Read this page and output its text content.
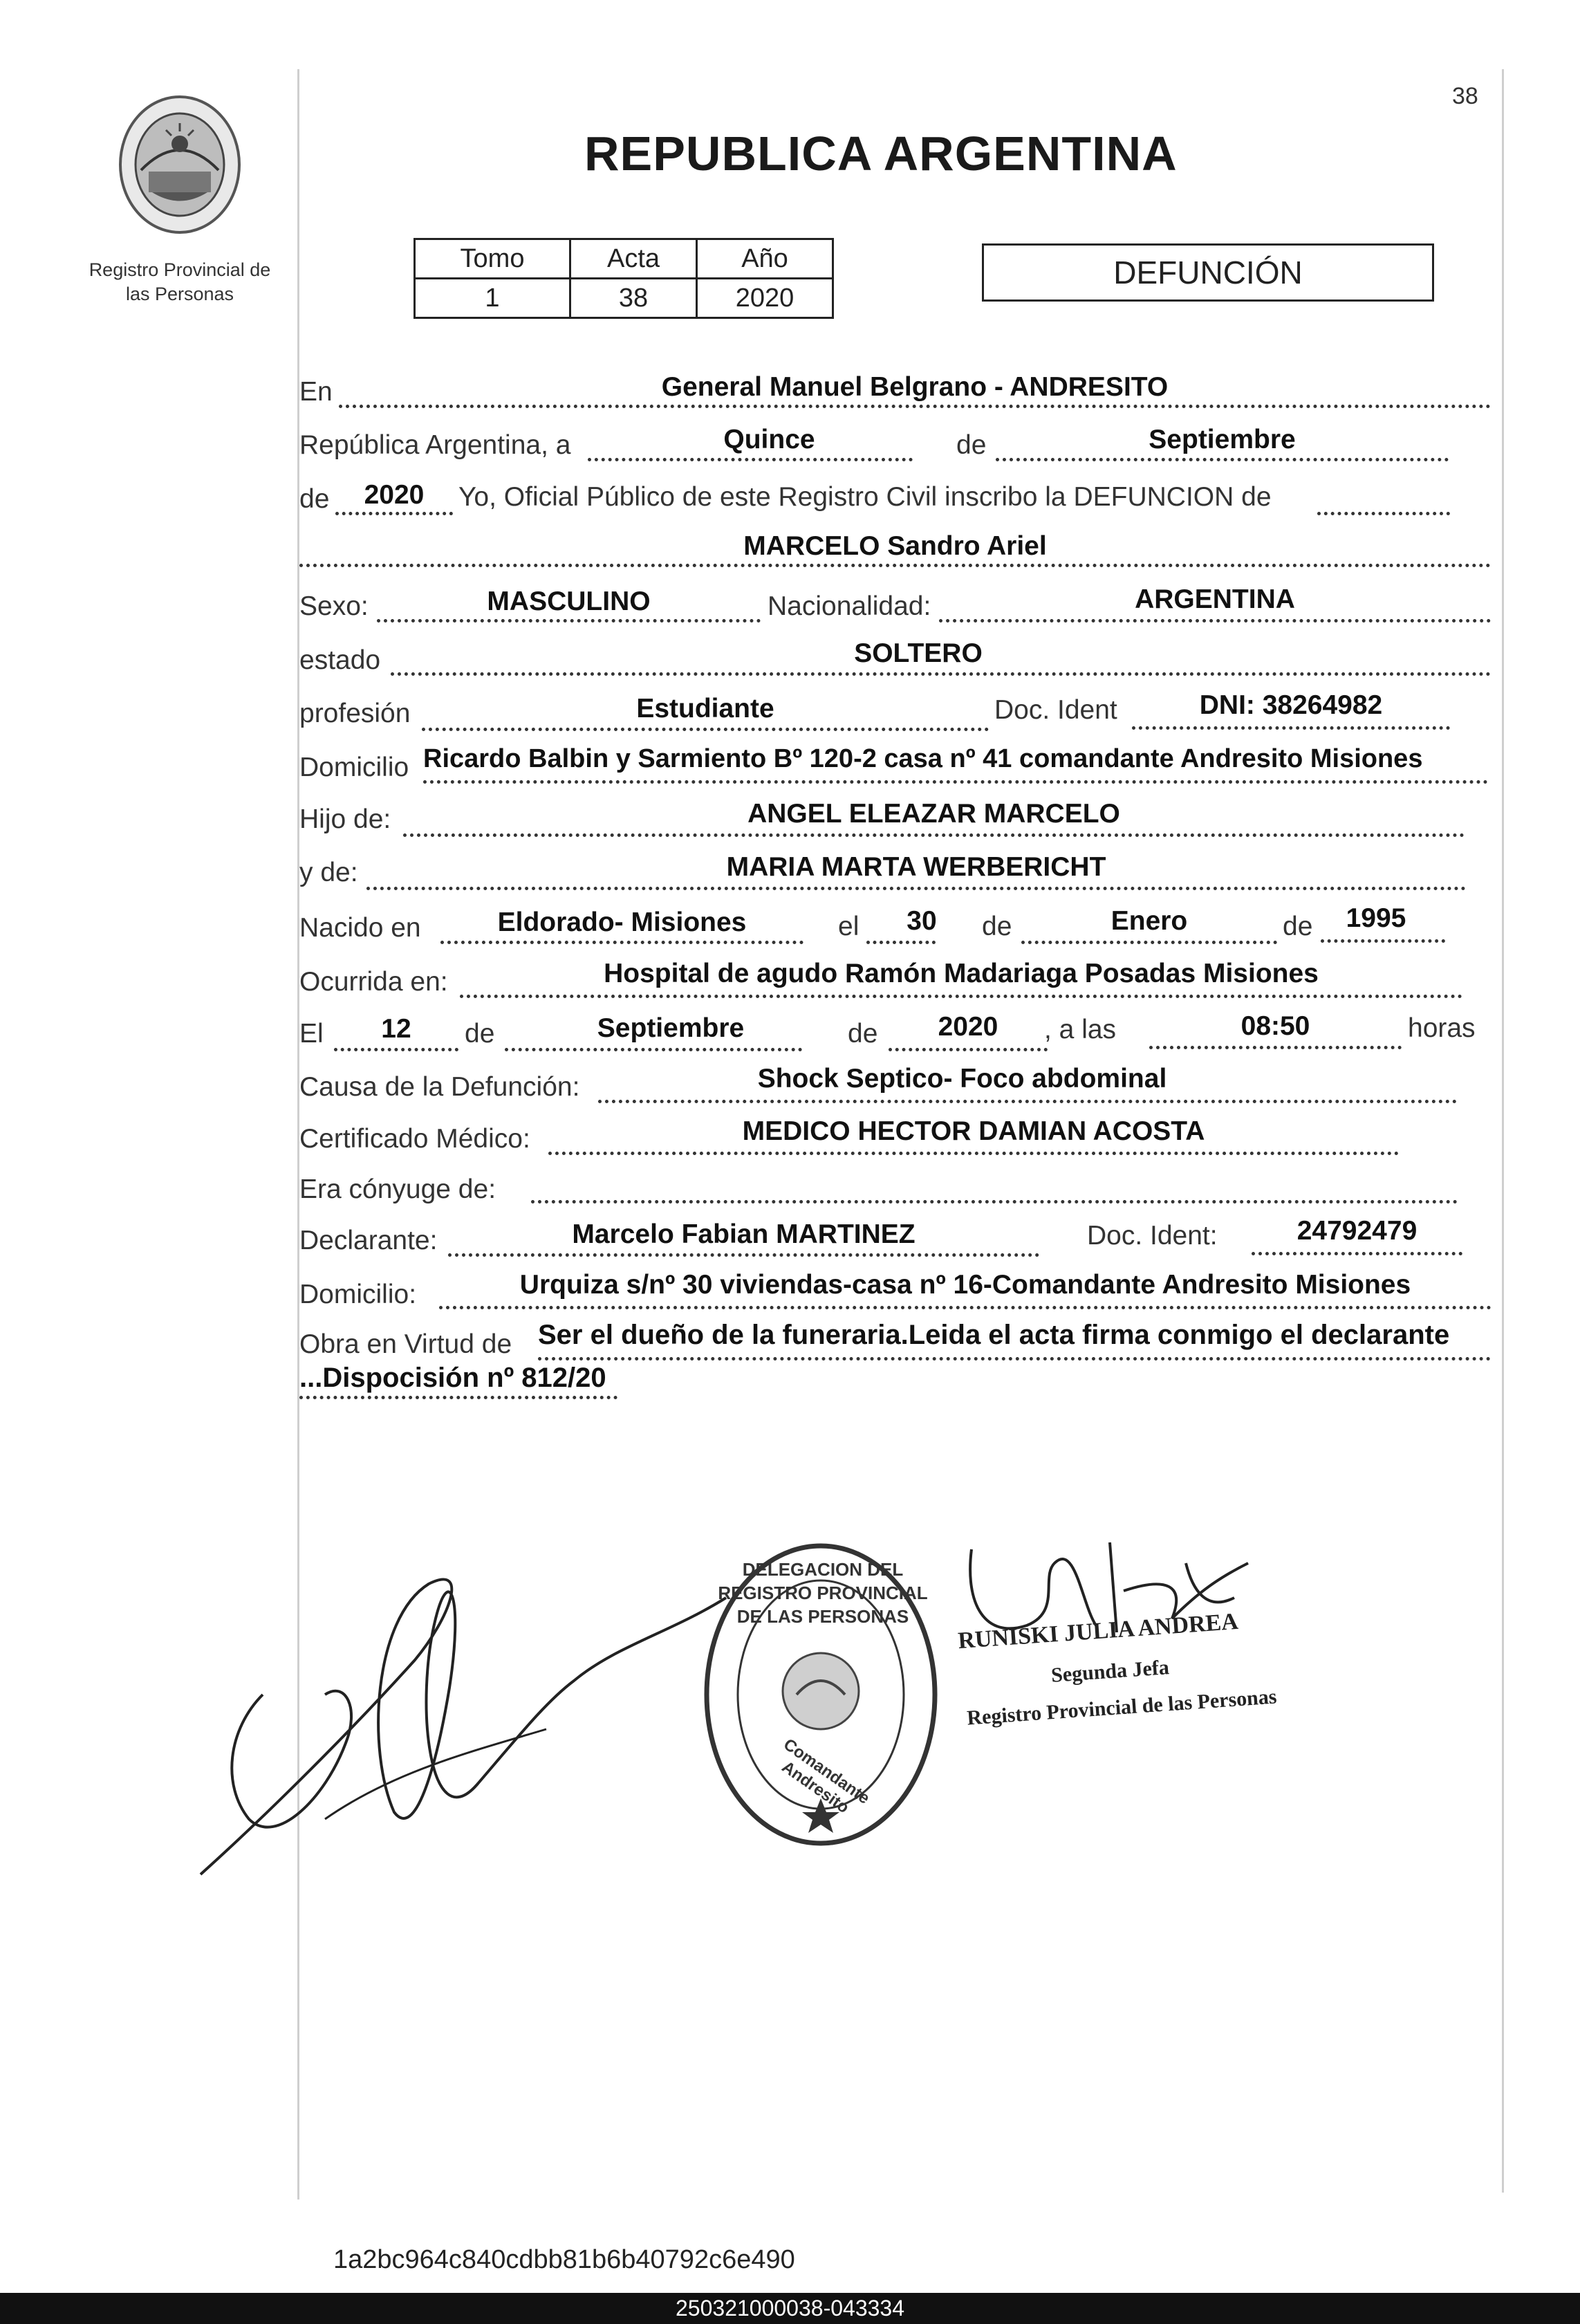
38
Registro Provincial de
las Personas
REPUBLICA ARGENTINA
Tomo	Acta	Año
1	38	2020
DEFUNCIÓN
En	General Manuel Belgrano - ANDRESITO
República Argentina, a	Quince	de	Septiembre
de	2020	Yo, Oficial Público de este Registro Civil inscribo la DEFUNCION de
MARCELO Sandro Ariel
Sexo:	MASCULINO	Nacionalidad:	ARGENTINA
estado	SOLTERO
profesión	Estudiante	Doc. Ident	DNI: 38264982
Domicilio Ricardo Balbin y Sarmiento Bº 120-2 casa nº 41 comandante Andresito Misiones
Hijo de:	ANGEL ELEAZAR MARCELO
y de:	MARIA MARTA WERBERICHT
Nacido en	Eldorado- Misiones	el	30	de	Enero	de	1995
Ocurrida en:	Hospital de agudo Ramón Madariaga Posadas Misiones
El	12	de	Septiembre	de	2020	, a las	08:50	horas
Causa de la Defunción:	Shock Septico- Foco abdominal
Certificado Médico:	MEDICO HECTOR DAMIAN ACOSTA
Era cónyuge de:
Declarante:	Marcelo Fabian MARTINEZ	Doc. Ident:	24792479
Domicilio:	Urquiza s/nº 30 viviendas-casa nº 16-Comandante Andresito Misiones
Obra en Virtud de Ser el dueño de la funeraria.Leida el acta firma conmigo el declarante
...Dispocisión nº 812/20
DELEGACION DEL REGISTRO PROVINCIAL DE LAS PERSONAS
Comandante Andresito
RUNISKI JULIA ANDREA
Segunda Jefa
Registro Provincial de las Personas
1a2bc964c840cdbb81b6b40792c6e490
250321000038-043334
